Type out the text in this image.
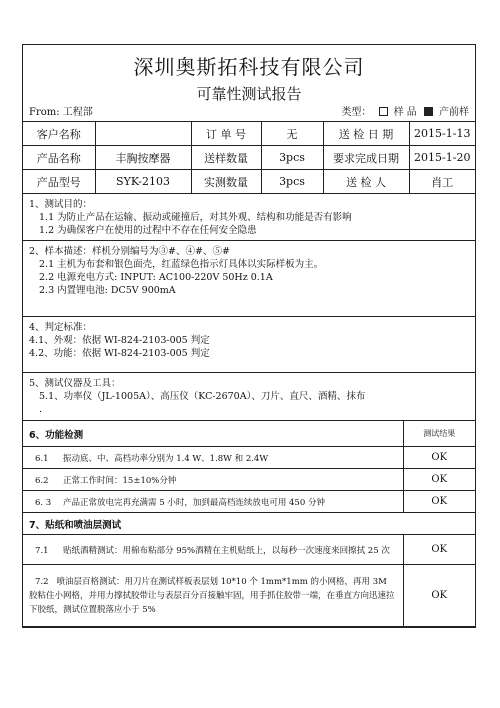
深圳奥斯拓科技有限公司
可靠性测试报告
From: 工程部	类型： 样 品 产前样
客户名称		订 单 号	无	送 检 日 期	2015-1-13
产品名称	丰胸按摩器	送样数量	3pcs	要求完成日期	2015-1-20
产品型号	SYK-2103	实测数量	3pcs	送 检 人	肖工
1、测试目的：
1.1 为防止产品在运输、振动或碰撞后，对其外观、结构和功能是否有影响
1.2 为确保客户在使用的过程中不存在任何安全隐患
2、样本描述：样机分别编号为③#、④#、⑤#
2.1 主机为布套和银色面壳，红蓝绿色指示灯具体以实际样板为主。
2.2 电源充电方式: INPUT: AC100-220V 50Hz 0.1A
2.3 内置锂电池: DC5V 900mA
4、判定标准：
4.1、外观：依据 WI-824-2103-005 判定
4.2、功能：依据 WI-824-2103-005 判定
5、测试仪器及工具：
5.1、功率仪（JL-1005A）、高压仪（KC-2670A）、刀片、直尺、酒精、抹布
.
6、功能检测	测试结果
6.1 振动底、中、高档功率分别为 1.4 W、1.8W 和 2.4W	OK
6.2 正常工作时间：15±10%分钟	OK
6. 3 产品正常放电完再充满需 5 小时，加到最高档连续放电可用 450 分钟	OK
7、贴纸和喷油层测试	
7.1 贴纸酒精测试：用棉布粘部分 95%酒精在主机贴纸上，以每秒一次速度来回擦拭 25 次	OK
7.2 喷油层百格测试：用刀片在测试样板表层划 10*10 个 1mm*1mm 的小网格，再用 3M 胶粘住小网格，并用力撑拭胶带让与表层百分百接触牢固，用手抓住胶带一端，在垂直方向迅速拉下胶纸，测试位置脱落应小于 5%	OK
